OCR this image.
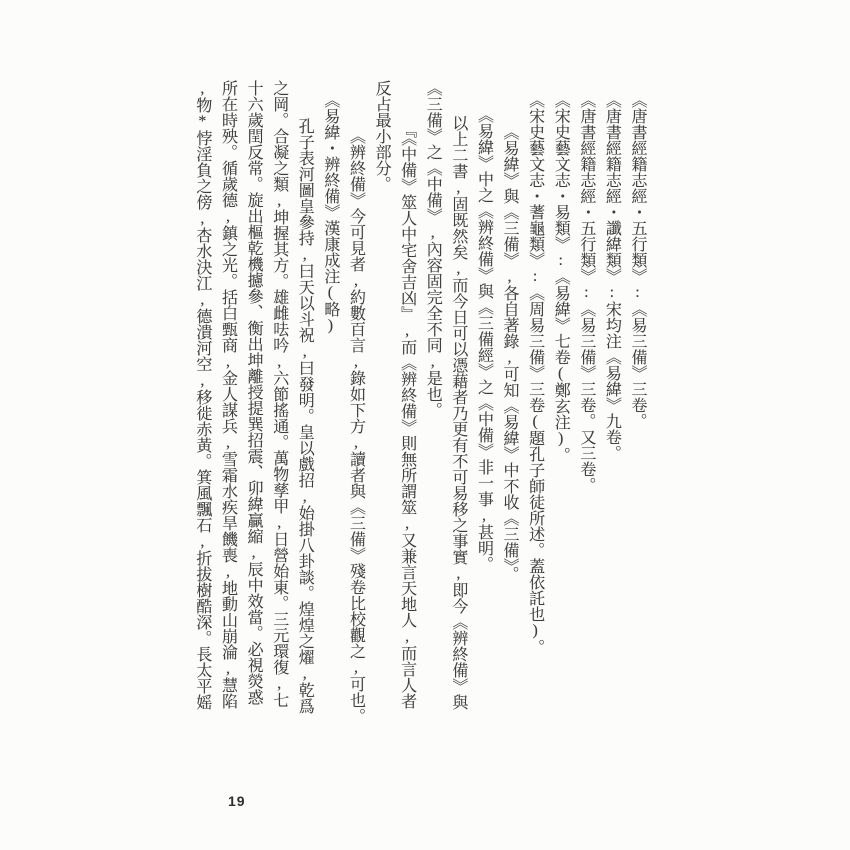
《唐書經籍志經・五行類》:《易三備》三卷。
《唐書經籍志經・讖緯類》:宋均注《易緯》九卷。
《唐書經籍志經・五行類》:《易三備》三卷。又三卷。
《宋史藝文志・易類》:《易緯》七卷(鄭玄注)。
《宋史藝文志・蓍龜類》:《周易三備》三卷(題孔子師徒所述。蓋依託也)。
《易緯》與《三備》,各自著錄,可知《易緯》中不收《三備》。
《易緯》中之《辨終備》與《三備經》之《中備》非一事,甚明。
以上二書,固既然矣,而今日可以憑藉者乃更有不可易移之事實,即今《辨終備》與
《三備》之《中備》,內容固完全不同,是也。
『《中備》筮人中宅舍吉凶』,而《辨終備》則無所謂筮,又兼言天地人,而言人者
反占最小部分。
《辨終備》今可見者,約數百言,錄如下方,讀者與《三備》殘卷比校觀之,可也。
《易緯・辨終備》漢康成注(略)
孔子表河圖皇參持,曰天以斗祝,曰發明。皇以戲招,始掛八卦談。煌煌之燿,乾爲
之岡。合凝之類,坤握其方。雄雌呿吟,六節搖通。萬物孳甲,日營始東。三元環復,七
十六歲閏反常。旋出樞乾機攄參、衡出坤離授提巽招震、卯緯贏縮,辰中效當。必視熒惑
所在時殃。循歲德,鎮之光。括白甄商,金人謀兵,雪霜水疾旱饑喪,地動山崩淪,慧陷
,物*悖淫負之傍,杏水決江,德潰河空,移徙赤黃。箕風飄石,折拔樹酷深。長太平媱
19
